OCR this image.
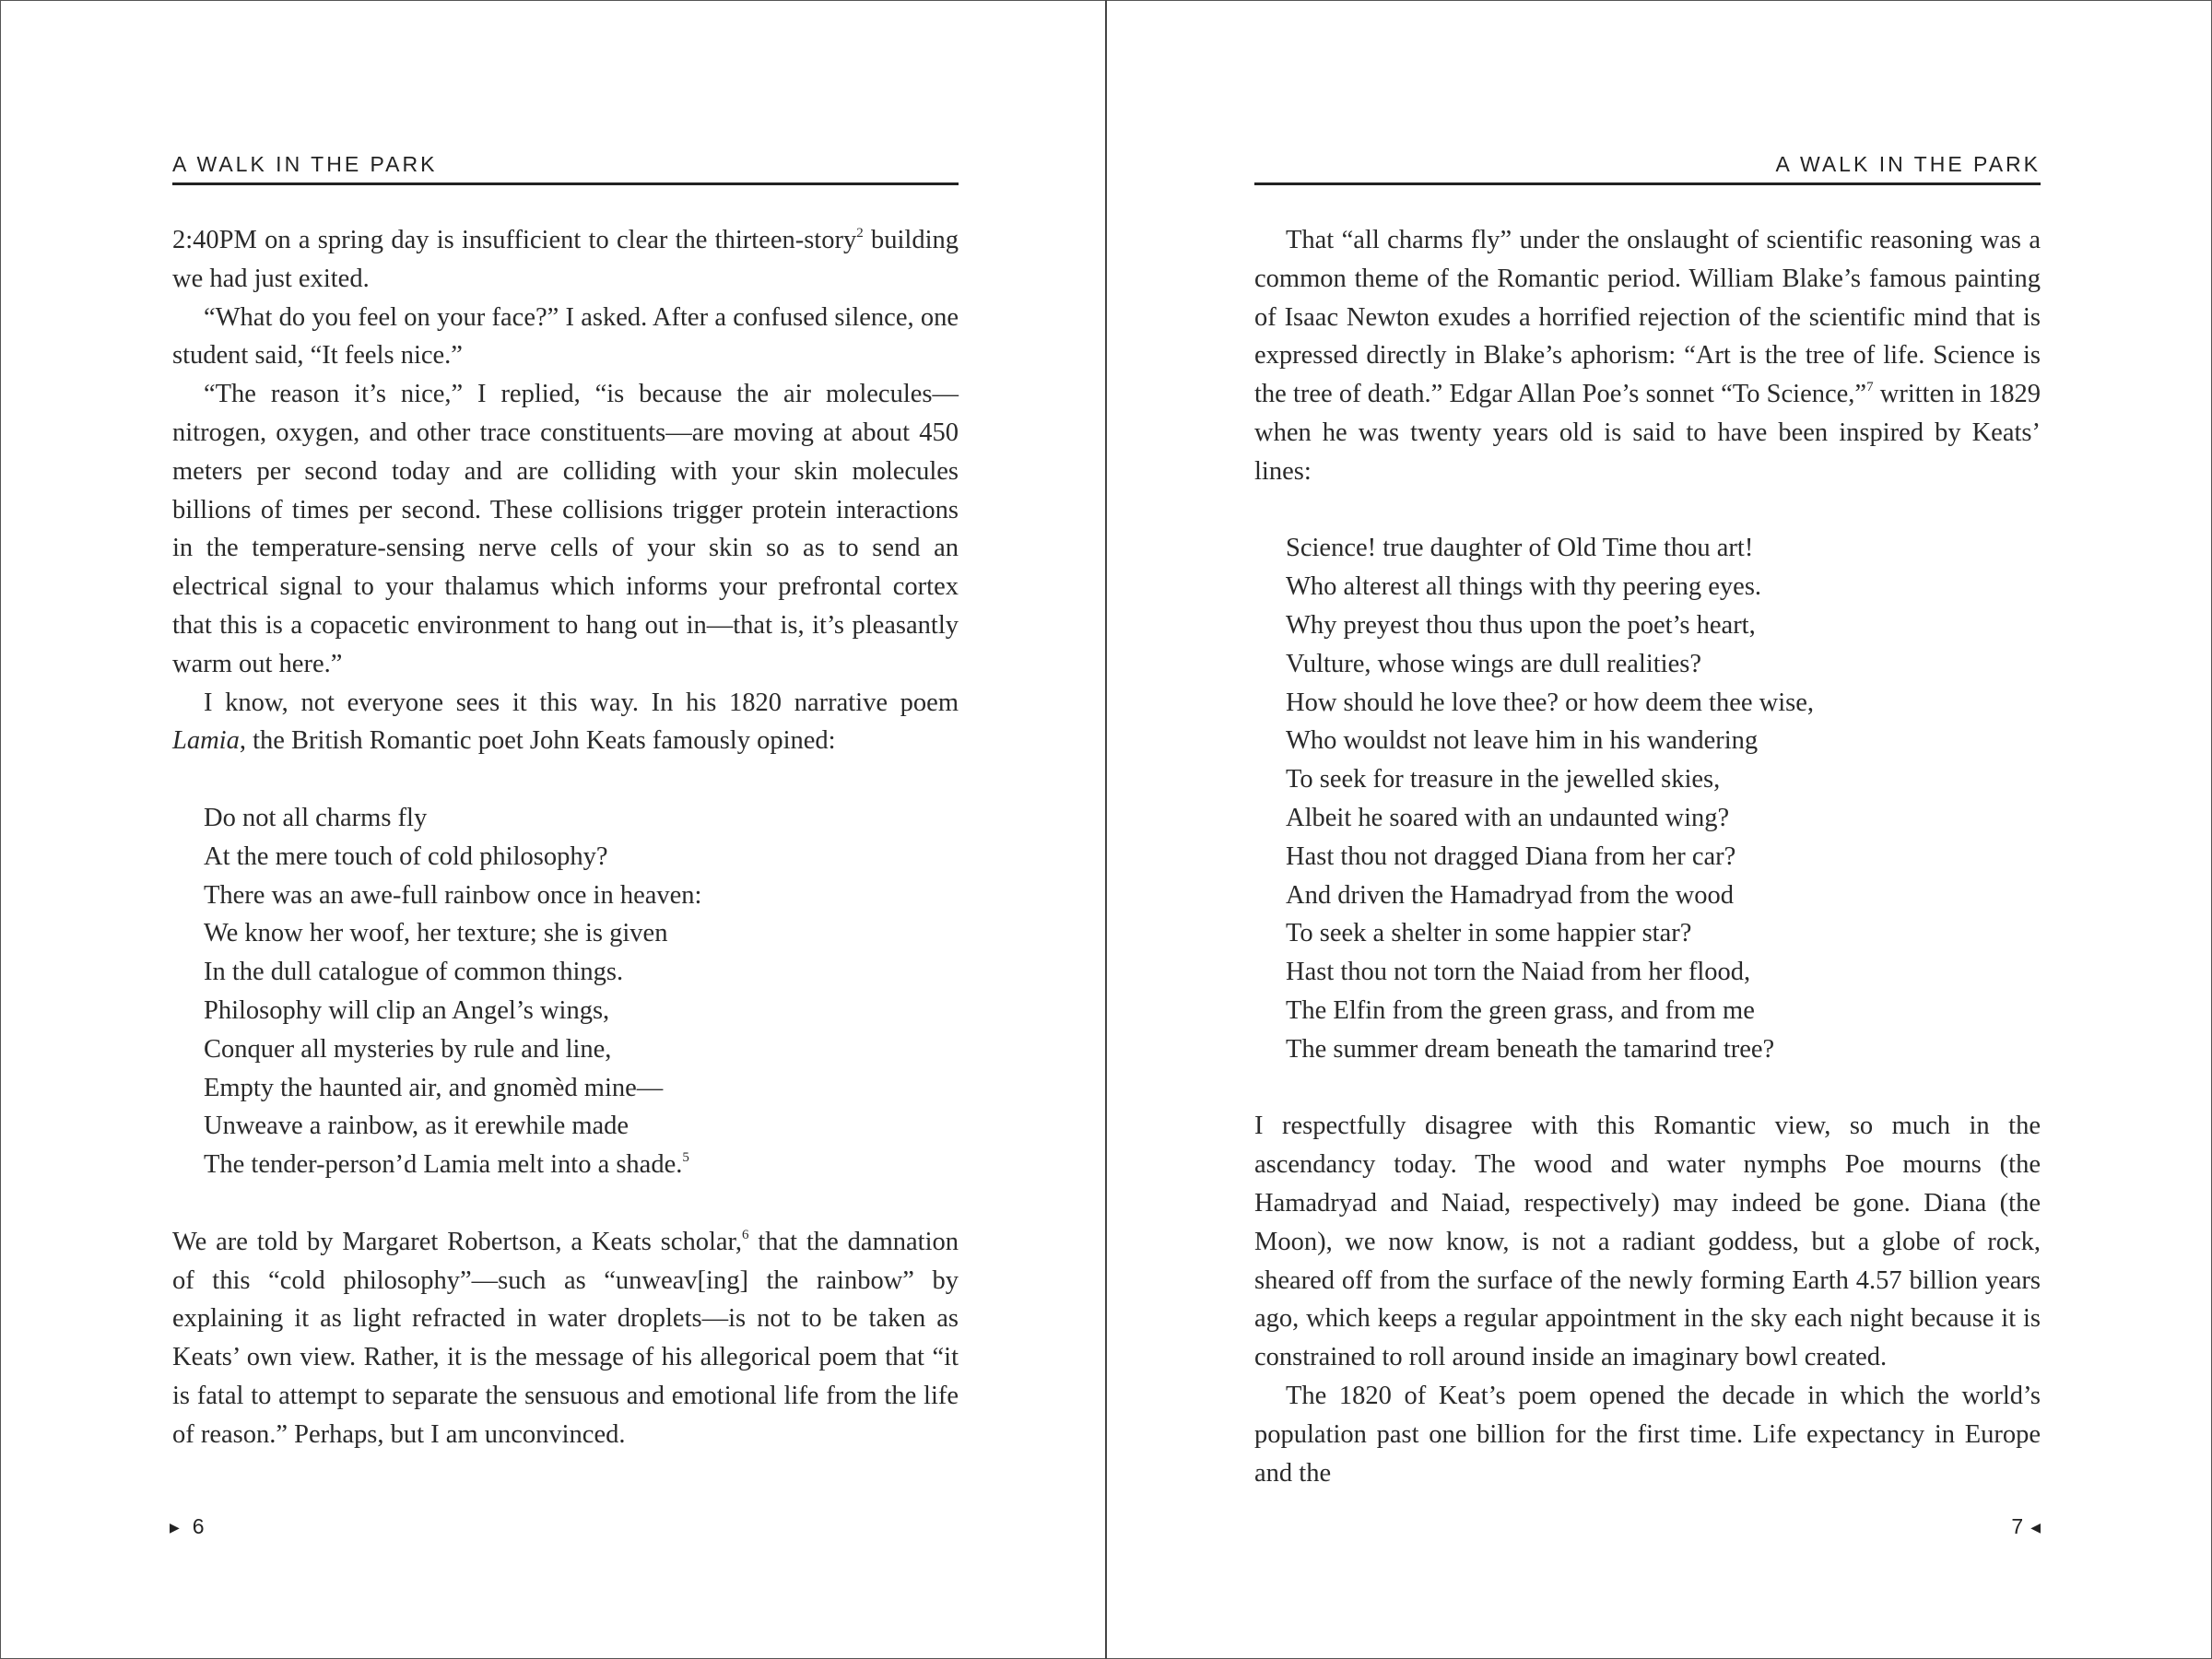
A WALK IN THE PARK

2:40PM on a spring day is insufficient to clear the thirteen-story$^2$ building we had just exited.

“What do you feel on your face?” I asked. After a confused silence, one student said, “It feels nice.”

“The reason it’s nice,” I replied, “is because the air molecules—nitrogen, oxygen, and other trace constituents—are moving at about 450 meters per second today and are colliding with your skin molecules billions of times per second. These collisions trigger protein interactions in the temperature-sensing nerve cells of your skin so as to send an electrical signal to your thalamus which informs your prefrontal cortex that this is a copacetic environment to hang out in—that is, it’s pleasantly warm out here.”

I know, not everyone sees it this way. In his 1820 narrative poem Lamia, the British Romantic poet John Keats famously opined:

Do not all charms fly
At the mere touch of cold philosophy?
There was an awe-full rainbow once in heaven:
We know her woof, her texture; she is given
In the dull catalogue of common things.
Philosophy will clip an Angel’s wings,
Conquer all mysteries by rule and line,
Empty the haunted air, and gnomèd mine—
Unweave a rainbow, as it erewhile made
The tender-person’d Lamia melt into a shade.$^5$

We are told by Margaret Robertson, a Keats scholar,$^6$ that the damnation of this “cold philosophy”—such as “unweav[ing] the rainbow” by explaining it as light refracted in water droplets—is not to be taken as Keats’ own view. Rather, it is the message of his allegorical poem that “it is fatal to attempt to separate the sensuous and emotional life from the life of reason.” Perhaps, but I am unconvinced.

▶ 6
A WALK IN THE PARK

That “all charms fly” under the onslaught of scientific reasoning was a common theme of the Romantic period. William Blake’s famous painting of Isaac Newton exudes a horrified rejection of the scientific mind that is expressed directly in Blake’s aphorism: “Art is the tree of life. Science is the tree of death.” Edgar Allan Poe’s sonnet “To Science,”$^7$ written in 1829 when he was twenty years old is said to have been inspired by Keats’ lines:

Science! true daughter of Old Time thou art!
Who alterest all things with thy peering eyes.
Why preyest thou thus upon the poet’s heart,
Vulture, whose wings are dull realities?
How should he love thee? or how deem thee wise,
Who wouldst not leave him in his wandering
To seek for treasure in the jewelled skies,
Albeit he soared with an undaunted wing?
Hast thou not dragged Diana from her car?
And driven the Hamadryad from the wood
To seek a shelter in some happier star?
Hast thou not torn the Naiad from her flood,
The Elfin from the green grass, and from me
The summer dream beneath the tamarind tree?

I respectfully disagree with this Romantic view, so much in the ascendancy today. The wood and water nymphs Poe mourns (the Hamadryad and Naiad, respectively) may indeed be gone. Diana (the Moon), we now know, is not a radiant goddess, but a globe of rock, sheared off from the surface of the newly forming Earth 4.57 billion years ago, which keeps a regular appointment in the sky each night because it is constrained to roll around inside an imaginary bowl created.

The 1820 of Keat’s poem opened the decade in which the world’s population past one billion for the first time. Life expectancy in Europe and the

7 ◀
